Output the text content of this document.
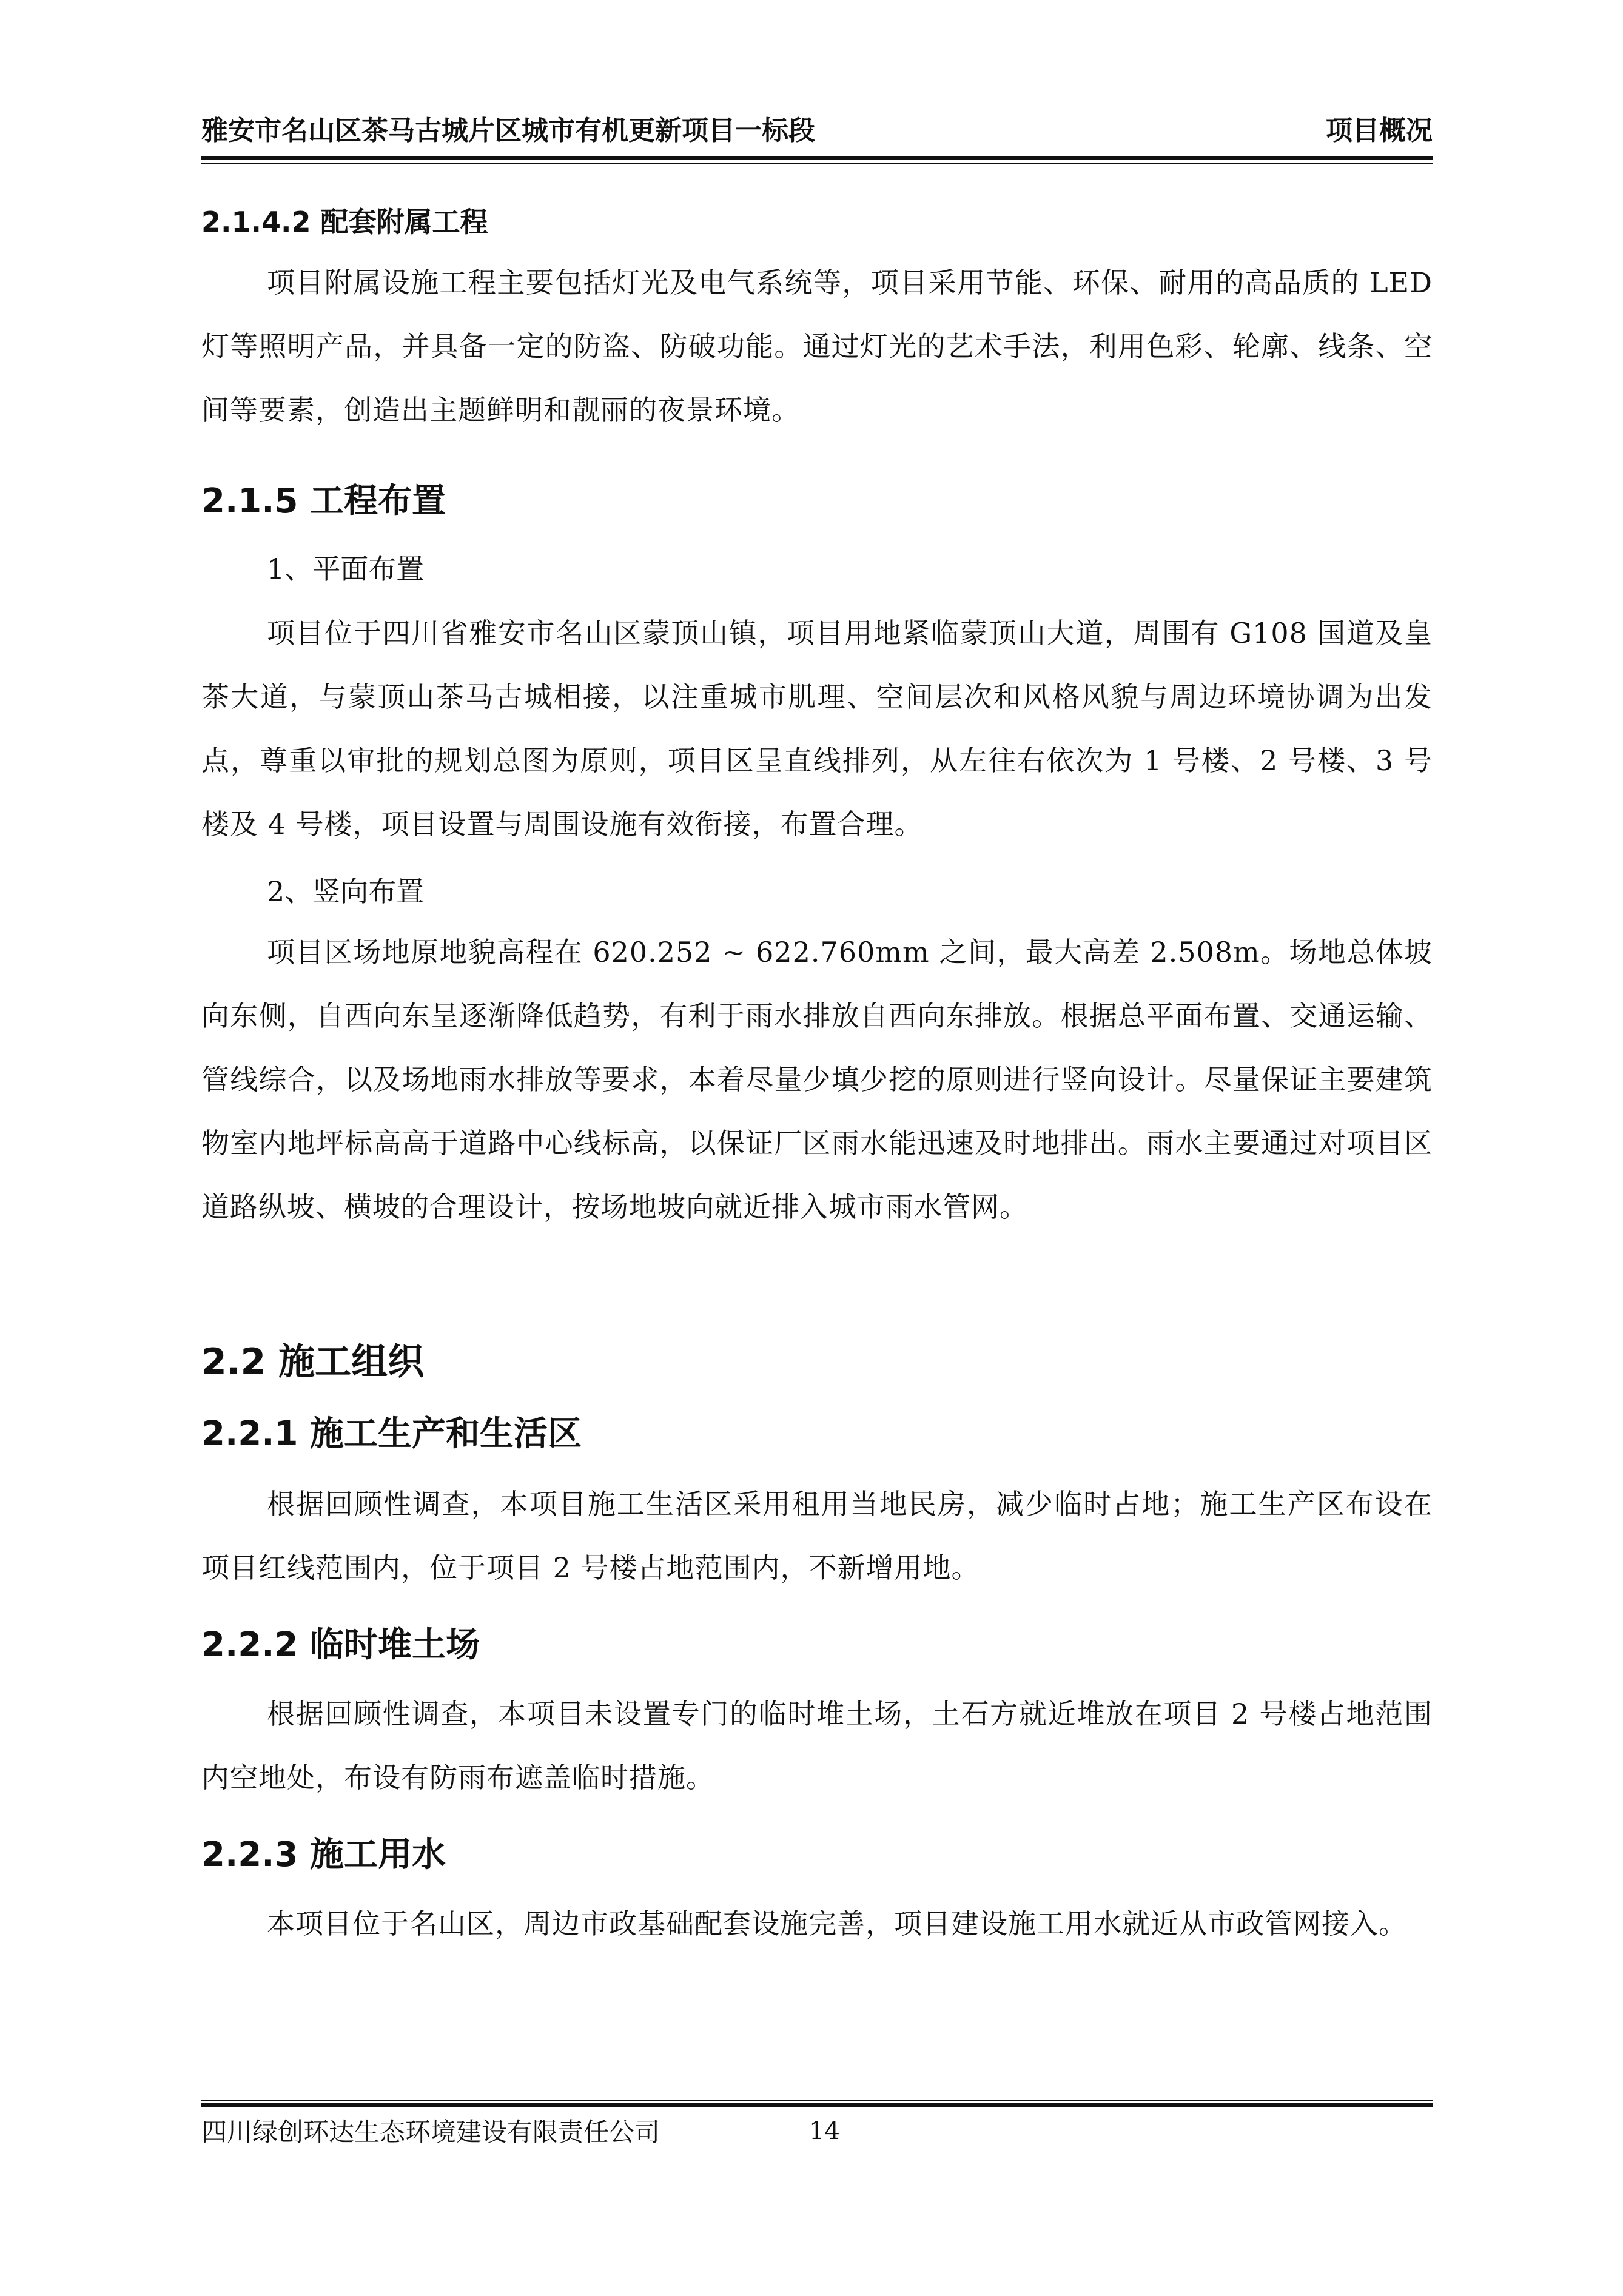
雅安市名山区茶马古城片区城市有机更新项目一标段	项目概况
2.1.4.2 配套附属工程
项目附属设施工程主要包括灯光及电气系统等，项目采用节能、环保、耐用的高品质的 LED 灯等照明产品，并具备一定的防盗、防破功能。通过灯光的艺术手法，利用色彩、轮廓、线条、空间等要素，创造出主题鲜明和靓丽的夜景环境。
2.1.5 工程布置
1、平面布置
项目位于四川省雅安市名山区蒙顶山镇，项目用地紧临蒙顶山大道，周围有 G108 国道及皇茶大道，与蒙顶山茶马古城相接，以注重城市肌理、空间层次和风格风貌与周边环境协调为出发点，尊重以审批的规划总图为原则，项目区呈直线排列，从左往右依次为 1 号楼、2 号楼、3 号楼及 4 号楼，项目设置与周围设施有效衔接，布置合理。
2、竖向布置
项目区场地原地貌高程在 620.252 ~ 622.760mm 之间，最大高差 2.508m。场地总体坡向东侧，自西向东呈逐渐降低趋势，有利于雨水排放自西向东排放。根据总平面布置、交通运输、管线综合，以及场地雨水排放等要求，本着尽量少填少挖的原则进行竖向设计。尽量保证主要建筑物室内地坪标高高于道路中心线标高，以保证厂区雨水能迅速及时地排出。雨水主要通过对项目区道路纵坡、横坡的合理设计，按场地坡向就近排入城市雨水管网。
2.2 施工组织
2.2.1 施工生产和生活区
根据回顾性调查，本项目施工生活区采用租用当地民房，减少临时占地；施工生产区布设在项目红线范围内，位于项目 2 号楼占地范围内，不新增用地。
2.2.2 临时堆土场
根据回顾性调查，本项目未设置专门的临时堆土场，土石方就近堆放在项目 2 号楼占地范围内空地处，布设有防雨布遮盖临时措施。
2.2.3 施工用水
本项目位于名山区，周边市政基础配套设施完善，项目建设施工用水就近从市政管网接入。
四川绿创环达生态环境建设有限责任公司	14
